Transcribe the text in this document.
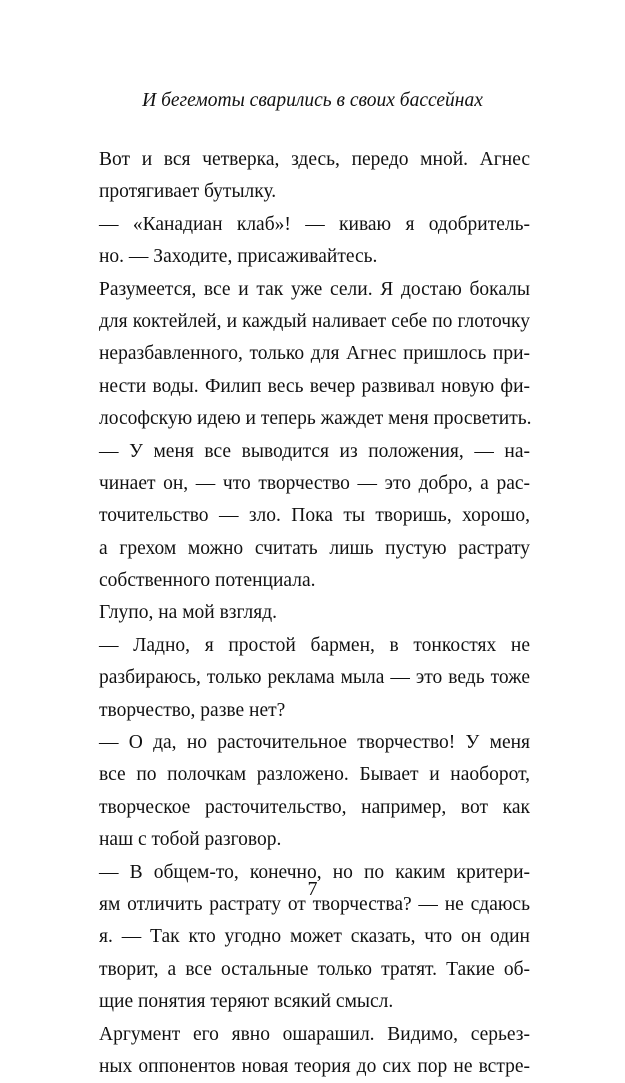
И бегемоты сварились в своих бассейнах
Вот и вся четверка, здесь, передо мной. Агнес
протягивает бутылку.
— «Канадиан клаб»! — киваю я одобритель-
но. — Заходите, присаживайтесь.
Разумеется, все и так уже сели. Я достаю бокалы
для коктейлей, и каждый наливает себе по глоточку
неразбавленного, только для Агнес пришлось при-
нести воды. Филип весь вечер развивал новую фи-
лософскую идею и теперь жаждет меня просветить.
— У меня все выводится из положения, — на-
чинает он, — что творчество — это добро, а рас-
точительство — зло. Пока ты творишь, хорошо,
а грехом можно считать лишь пустую растрату
собственного потенциала.
Глупо, на мой взгляд.
— Ладно, я простой бармен, в тонкостях не
разбираюсь, только реклама мыла — это ведь тоже
творчество, разве нет?
— О да, но расточительное творчество! У меня
все по полочкам разложено. Бывает и наоборот,
творческое расточительство, например, вот как
наш с тобой разговор.
— В общем-то, конечно, но по каким критери-
ям отличить растрату от творчества? — не сдаюсь
я. — Так кто угодно может сказать, что он один
творит, а все остальные только тратят. Такие об-
щие понятия теряют всякий смысл.
Аргумент его явно ошарашил. Видимо, серьез-
ных оппонентов новая теория до сих пор не встре-
7
